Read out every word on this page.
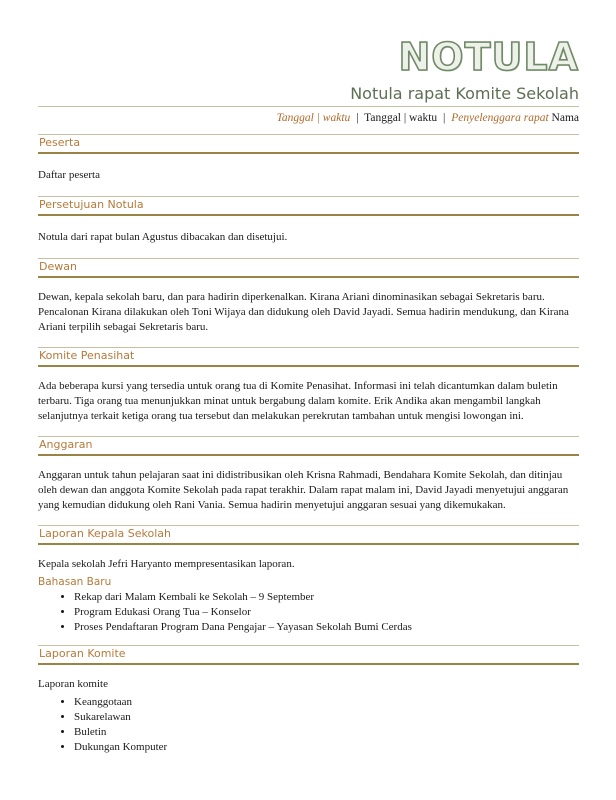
NOTULA
Notula rapat Komite Sekolah
Tanggal | waktu | Tanggal | waktu | Penyelenggara rapat Nama
Peserta

Daftar peserta

Persetujuan Notula

Notula dari rapat bulan Agustus dibacakan dan disetujui.

Dewan

Dewan, kepala sekolah baru, dan para hadirin diperkenalkan. Kirana Ariani dinominasikan sebagai Sekretaris baru. Pencalonan Kirana dilakukan oleh Toni Wijaya dan didukung oleh David Jayadi. Semua hadirin mendukung, dan Kirana Ariani terpilih sebagai Sekretaris baru.

Komite Penasihat

Ada beberapa kursi yang tersedia untuk orang tua di Komite Penasihat. Informasi ini telah dicantumkan dalam buletin terbaru. Tiga orang tua menunjukkan minat untuk bergabung dalam komite. Erik Andika akan mengambil langkah selanjutnya terkait ketiga orang tua tersebut dan melakukan perekrutan tambahan untuk mengisi lowongan ini.

Anggaran

Anggaran untuk tahun pelajaran saat ini didistribusikan oleh Krisna Rahmadi, Bendahara Komite Sekolah, dan ditinjau oleh dewan dan anggota Komite Sekolah pada rapat terakhir. Dalam rapat malam ini, David Jayadi menyetujui anggaran yang kemudian didukung oleh Rani Vania. Semua hadirin menyetujui anggaran sesuai yang dikemukakan.

Laporan Kepala Sekolah

Kepala sekolah Jefri Haryanto mempresentasikan laporan.

Bahasan Baru

• Rekap dari Malam Kembali ke Sekolah – 9 September
• Program Edukasi Orang Tua – Konselor
• Proses Pendaftaran Program Dana Pengajar – Yayasan Sekolah Bumi Cerdas
Laporan Komite

Laporan komite

• Keanggotaan
• Sukarelawan
• Buletin
• Dukungan Komputer
